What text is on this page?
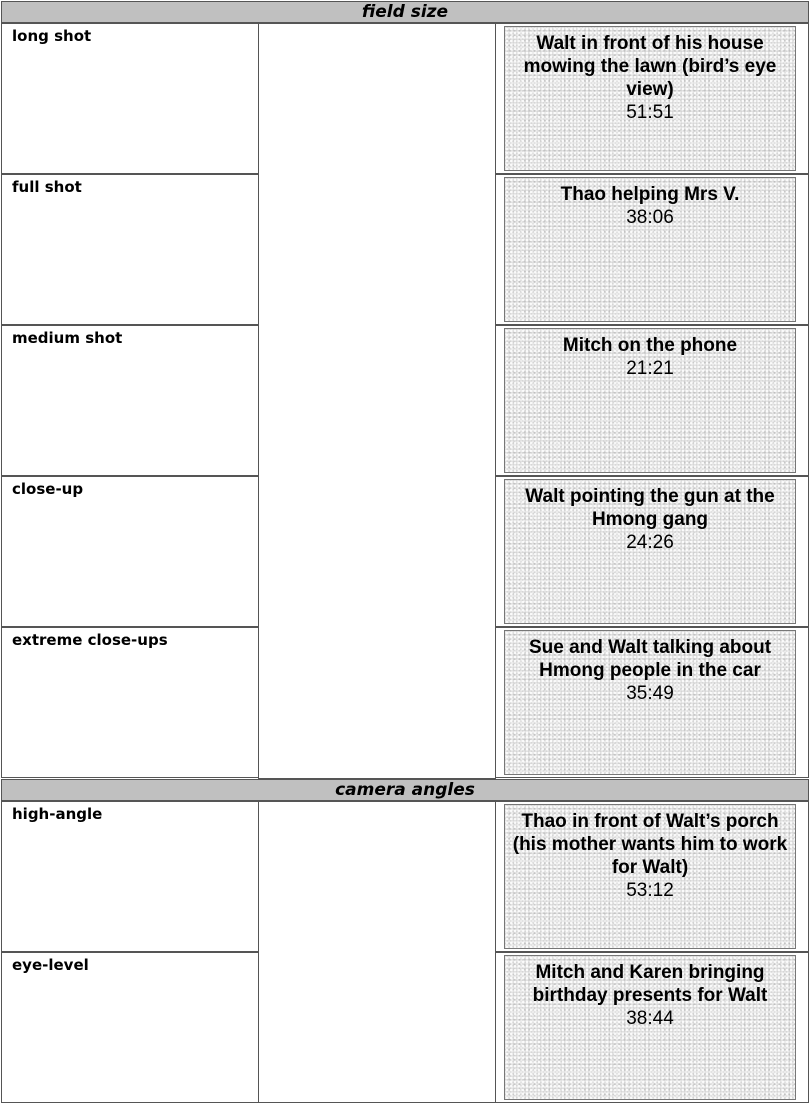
field size
long shot	Walt in front of his house mowing the lawn (bird’s eye view)
51:51
full shot	Thao helping Mrs V.
38:06
medium shot	Mitch on the phone
21:21
close-up	Walt pointing the gun at the Hmong gang
24:26
extreme close-ups	Sue and Walt talking about Hmong people in the car
35:49
camera angles
high-angle	Thao in front of Walt’s porch (his mother wants him to work for Walt)
53:12
eye-level	Mitch and Karen bringing birthday presents for Walt
38:44
